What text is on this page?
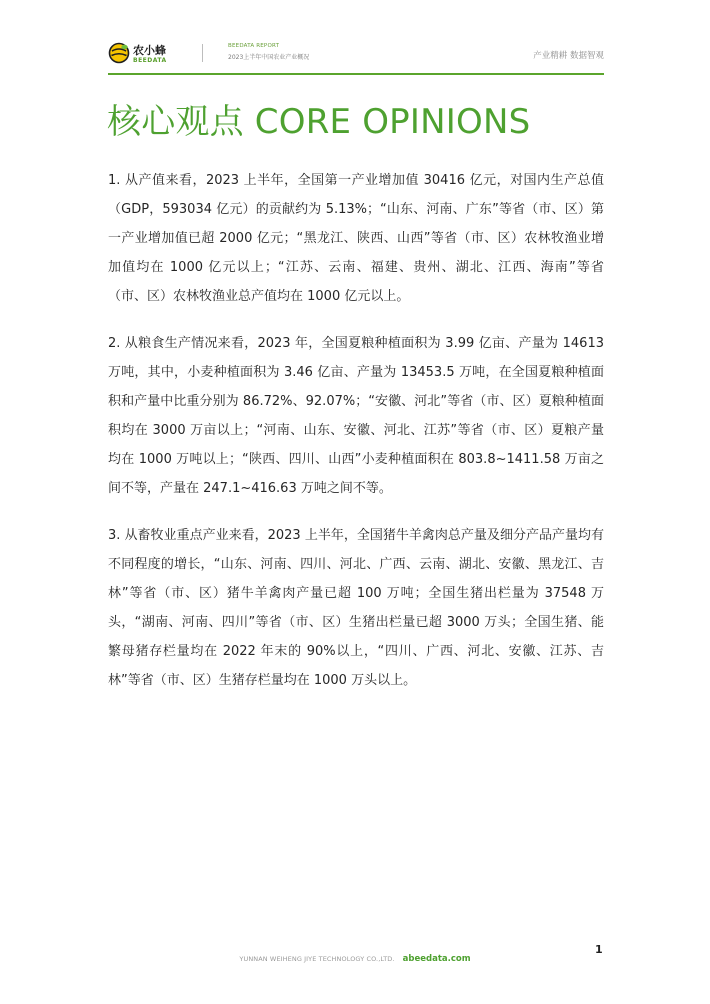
农小蜂
BEEDATA
BEEDATA REPORT
2023上半年中国农业产业概况	产业精耕 数据智观
核心观点 CORE OPINIONS

1. 从产值来看，2023 上半年，全国第一产业增加值 30416 亿元，对国内生产总值（GDP，593034 亿元）的贡献约为 5.13%；“山东、河南、广东”等省（市、区）第一产业增加值已超 2000 亿元；“黑龙江、陕西、山西”等省（市、区）农林牧渔业增加值均在 1000 亿元以上；“江苏、云南、福建、贵州、湖北、江西、海南”等省（市、区）农林牧渔业总产值均在 1000 亿元以上。

2. 从粮食生产情况来看，2023 年，全国夏粮种植面积为 3.99 亿亩、产量为 14613 万吨，其中，小麦种植面积为 3.46 亿亩、产量为 13453.5 万吨，在全国夏粮种植面积和产量中比重分别为 86.72%、92.07%；“安徽、河北”等省（市、区）夏粮种植面积均在 3000 万亩以上；“河南、山东、安徽、河北、江苏”等省（市、区）夏粮产量均在 1000 万吨以上；“陕西、四川、山西”小麦种植面积在 803.8~1411.58 万亩之间不等，产量在 247.1~416.63 万吨之间不等。

3. 从畜牧业重点产业来看，2023 上半年，全国猪牛羊禽肉总产量及细分产品产量均有不同程度的增长，“山东、河南、四川、河北、广西、云南、湖北、安徽、黑龙江、吉林”等省（市、区）猪牛羊禽肉产量已超 100 万吨；全国生猪出栏量为 37548 万头，“湖南、河南、四川”等省（市、区）生猪出栏量已超 3000 万头；全国生猪、能繁母猪存栏量均在 2022 年末的 90%以上，“四川、广西、河北、安徽、江苏、吉林”等省（市、区）生猪存栏量均在 1000 万头以上。

YUNNAN WEIHENG JIYE TECHNOLOGY CO.,LTD. abeedata.com
1
